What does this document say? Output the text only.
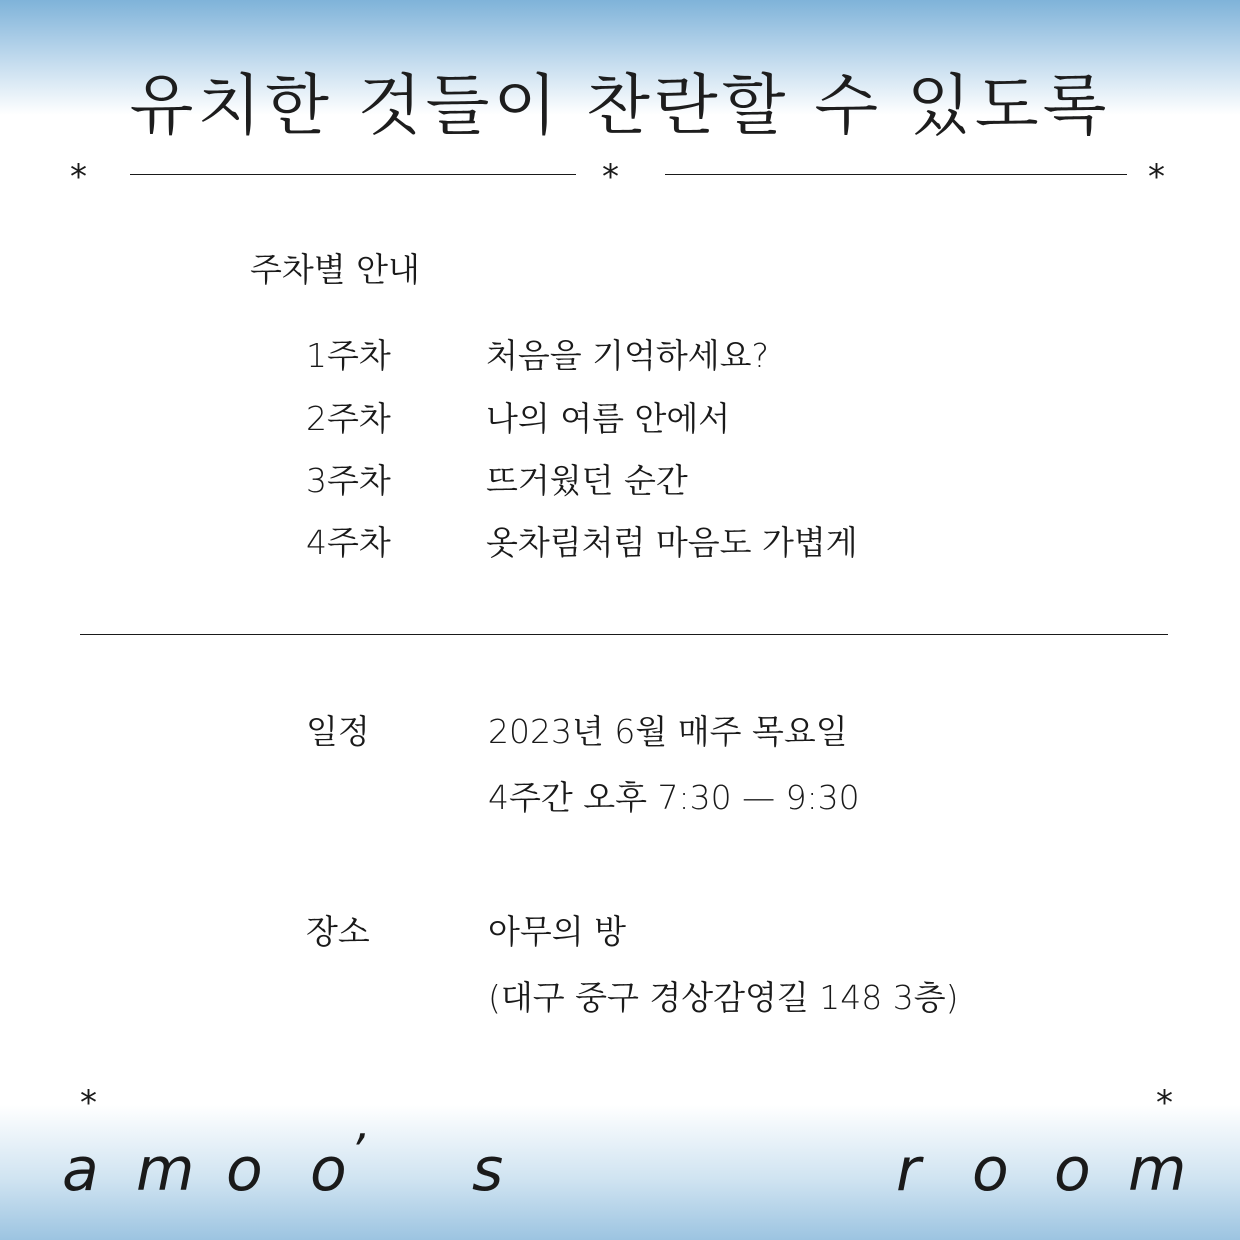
유치한 것들이 찬란할 수 있도록
*	*	*
주차별 안내
1주차	처음을 기억하세요?
2주차	나의 여름 안에서
3주차	뜨거웠던 순간
4주차	옷차림처럼 마음도 가볍게
일정	2023년 6월 매주 목요일
4주간 오후 7:30 — 9:30
장소	아무의 방
(대구 중구 경상감영길 148 3층)
*	*
a m o o ’ s	r o o m
